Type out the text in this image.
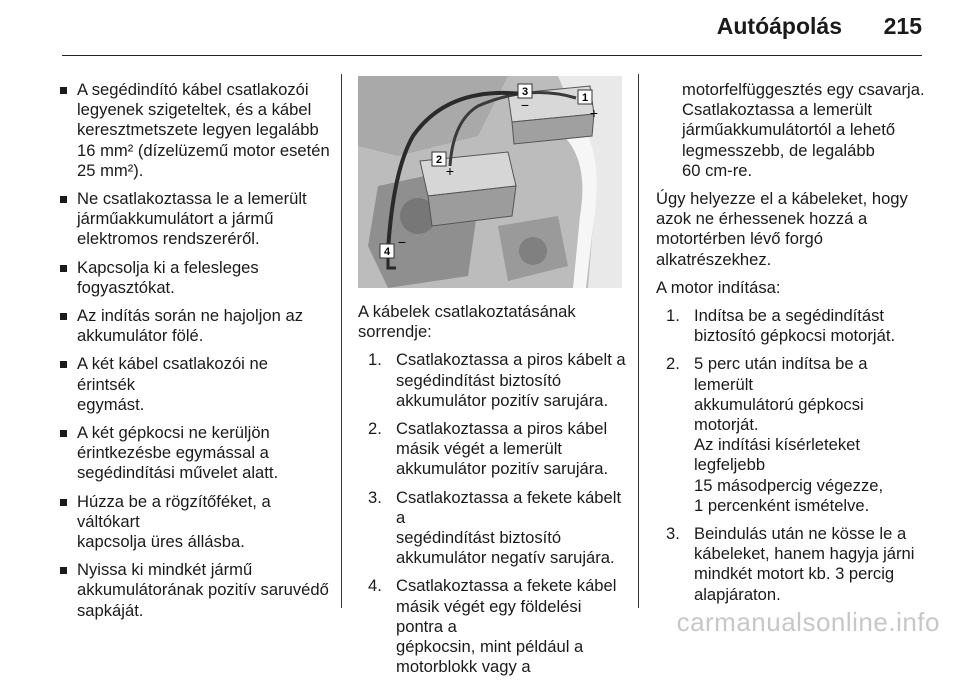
Autóápolás 215
A segédindító kábel csatlakozói
legyenek szigeteltek, és a kábel
keresztmetszete legyen legalább
16 mm² (dízelüzemű motor esetén
25 mm²).
Ne csatlakoztassa le a lemerült
járműakkumulátort a jármű
elektromos rendszeréről.
Kapcsolja ki a felesleges
fogyasztókat.
Az indítás során ne hajoljon az
akkumulátor fölé.
A két kábel csatlakozói ne érintsék
egymást.
A két gépkocsi ne kerüljön
érintkezésbe egymással a
segédindítási művelet alatt.
Húzza be a rögzítőféket, a váltókart
kapcsolja üres állásba.
Nyissa ki mindkét jármű
akkumulátorának pozitív saruvédő
sapkáját.
1
+
2
+
3
−
4
−

A kábelek csatlakoztatásának
sorrendje:

1. Csatlakoztassa a piros kábelt a
segédindítást biztosító
akkumulátor pozitív sarujára.
2. Csatlakoztassa a piros kábel
másik végét a lemerült
akkumulátor pozitív sarujára.
3. Csatlakoztassa a fekete kábelt a
segédindítást biztosító
akkumulátor negatív sarujára.
4. Csatlakoztassa a fekete kábel
másik végét egy földelési pontra a
gépkocsin, mint például a
motorblokk vagy a

motorfelfüggesztés egy csavarja.
Csatlakoztassa a lemerült
járműakkumulátortól a lehető
legmesszebb, de legalább
60 cm-re.

Úgy helyezze el a kábeleket, hogy
azok ne érhessenek hozzá a
motortérben lévő forgó
alkatrészekhez.

A motor indítása:

1. Indítsa be a segédindítást
biztosító gépkocsi motorját.
2. 5 perc után indítsa be a lemerült
akkumulátorú gépkocsi motorját.
Az indítási kísérleteket legfeljebb
15 másodpercig végezze,
1 percenként ismételve.
3. Beindulás után ne kösse le a
kábeleket, hanem hagyja járni
mindkét motort kb. 3 percig
alapjáraton.
carmanualsonline.info
